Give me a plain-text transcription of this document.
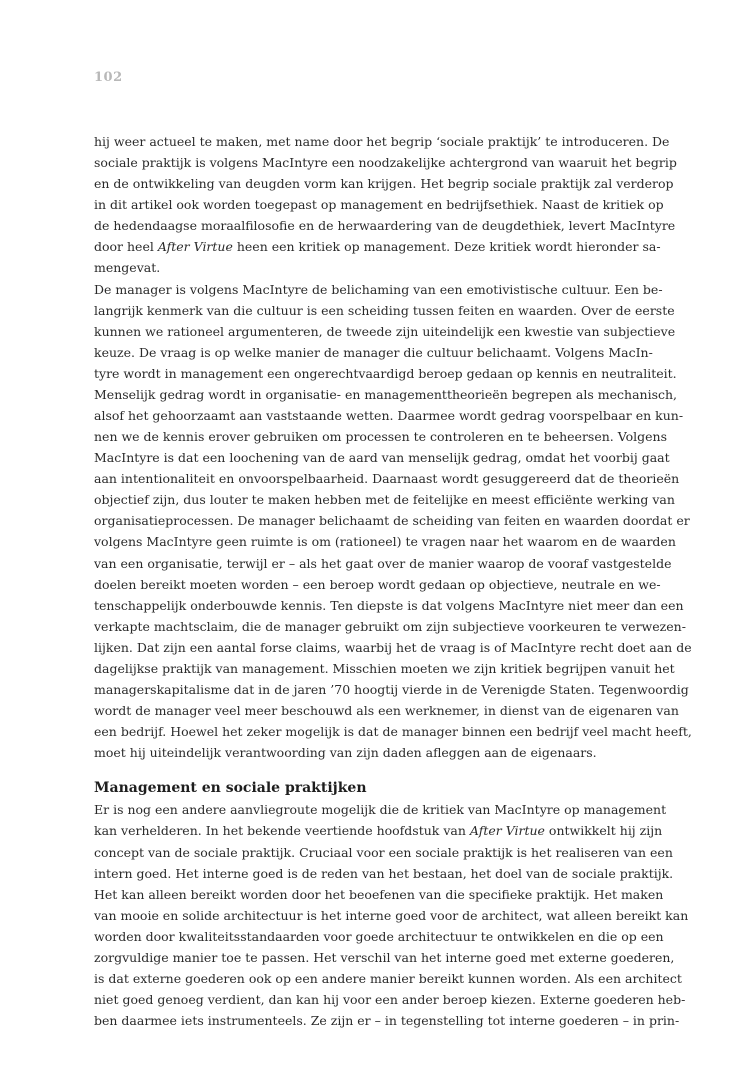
102
hij weer actueel te maken, met name door het begrip ‘sociale praktijk’ te introduceren. De
sociale praktijk is volgens MacIntyre een noodzakelijke achtergrond van waaruit het begrip
en de ontwikkeling van deugden vorm kan krijgen. Het begrip sociale praktijk zal verderop
in dit artikel ook worden toegepast op management en bedrijfsethiek. Naast de kritiek op
de hedendaagse moraalfilosofie en de herwaardering van de deugdethiek, levert MacIntyre
door heel After Virtue heen een kritiek op management. Deze kritiek wordt hieronder sa-
mengevat.
De manager is volgens MacIntyre de belichaming van een emotivistische cultuur. Een be-
langrijk kenmerk van die cultuur is een scheiding tussen feiten en waarden. Over de eerste
kunnen we rationeel argumenteren, de tweede zijn uiteindelijk een kwestie van subjectieve
keuze. De vraag is op welke manier de manager die cultuur belichaamt. Volgens MacIn-
tyre wordt in management een ongerechtvaardigd beroep gedaan op kennis en neutraliteit.
Menselijk gedrag wordt in organisatie- en managementtheorieën begrepen als mechanisch,
alsof het gehoorzaamt aan vaststaande wetten. Daarmee wordt gedrag voorspelbaar en kun-
nen we de kennis erover gebruiken om processen te controleren en te beheersen. Volgens
MacIntyre is dat een loochening van de aard van menselijk gedrag, omdat het voorbij gaat
aan intentionaliteit en onvoorspelbaarheid. Daarnaast wordt gesuggereerd dat de theorieën
objectief zijn, dus louter te maken hebben met de feitelijke en meest efficiënte werking van
organisatieprocessen. De manager belichaamt de scheiding van feiten en waarden doordat er
volgens MacIntyre geen ruimte is om (rationeel) te vragen naar het waarom en de waarden
van een organisatie, terwijl er – als het gaat over de manier waarop de vooraf vastgestelde
doelen bereikt moeten worden – een beroep wordt gedaan op objectieve, neutrale en we-
tenschappelijk onderbouwde kennis. Ten diepste is dat volgens MacIntyre niet meer dan een
verkapte machtsclaim, die de manager gebruikt om zijn subjectieve voorkeuren te verwezen-
lijken. Dat zijn een aantal forse claims, waarbij het de vraag is of MacIntyre recht doet aan de
dagelijkse praktijk van management. Misschien moeten we zijn kritiek begrijpen vanuit het
managerskapitalisme dat in de jaren ’70 hoogtij vierde in de Verenigde Staten. Tegenwoordig
wordt de manager veel meer beschouwd als een werknemer, in dienst van de eigenaren van
een bedrijf. Hoewel het zeker mogelijk is dat de manager binnen een bedrijf veel macht heeft,
moet hij uiteindelijk verantwoording van zijn daden afleggen aan de eigenaars.
Management en sociale praktijken
Er is nog een andere aanvliegroute mogelijk die de kritiek van MacIntyre op management
kan verhelderen. In het bekende veertiende hoofdstuk van After Virtue ontwikkelt hij zijn
concept van de sociale praktijk. Cruciaal voor een sociale praktijk is het realiseren van een
intern goed. Het interne goed is de reden van het bestaan, het doel van de sociale praktijk.
Het kan alleen bereikt worden door het beoefenen van die specifieke praktijk. Het maken
van mooie en solide architectuur is het interne goed voor de architect, wat alleen bereikt kan
worden door kwaliteitsstandaarden voor goede architectuur te ontwikkelen en die op een
zorgvuldige manier toe te passen. Het verschil van het interne goed met externe goederen,
is dat externe goederen ook op een andere manier bereikt kunnen worden. Als een architect
niet goed genoeg verdient, dan kan hij voor een ander beroep kiezen. Externe goederen heb-
ben daarmee iets instrumenteels. Ze zijn er – in tegenstelling tot interne goederen – in prin-
